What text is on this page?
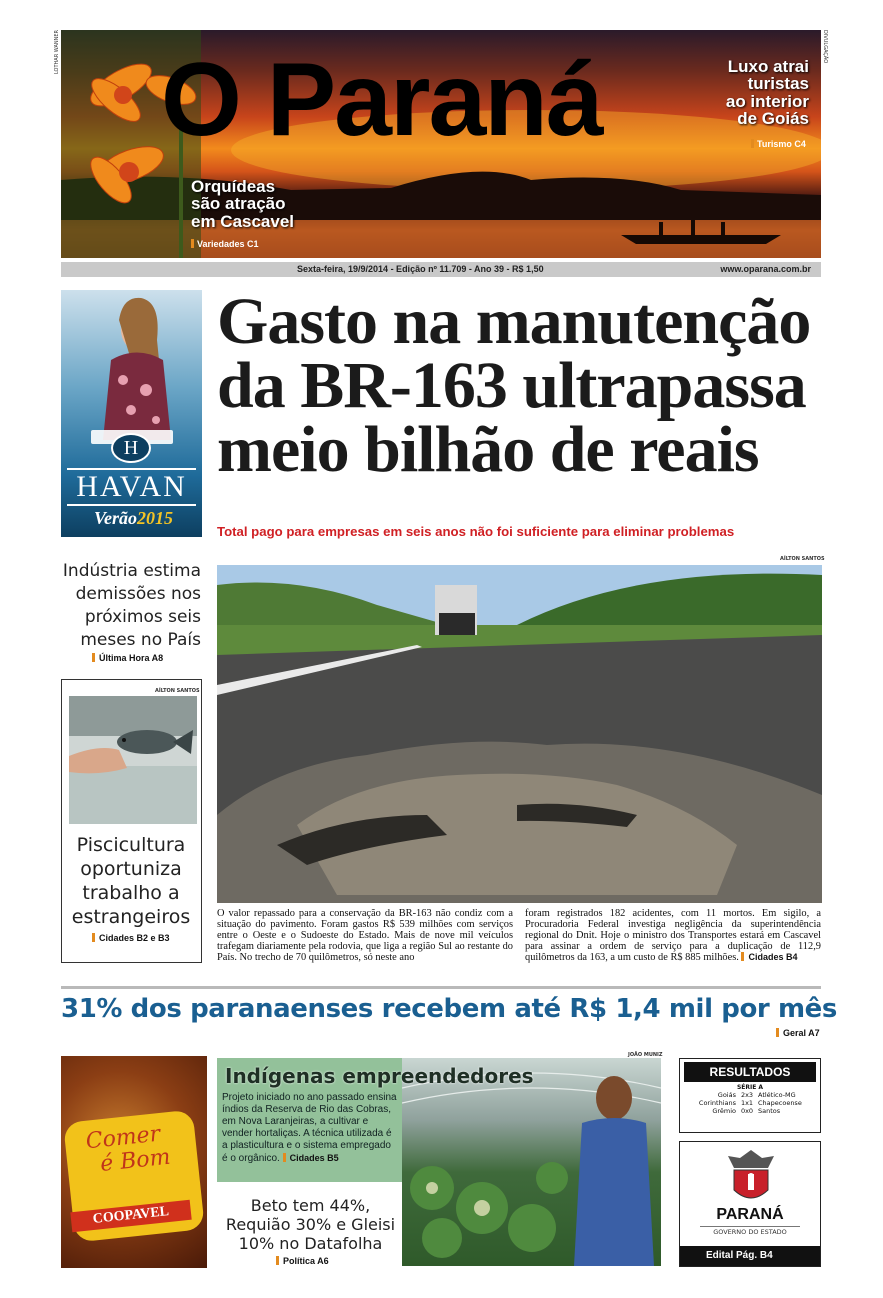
LOTHAR WANNER	DIVULGAÇÃO
O Paraná
Orquídeas
são atração
em Cascavel
Variedades C1
Luxo atrai
turistas
ao interior
de Goiás
Turismo C4
Sexta-feira, 19/9/2014 - Edição nº 11.709 - Ano 39 - R$ 1,50	www.oparana.com.br
H
HAVAN
Verão2015
Gasto na manutenção
da BR-163 ultrapassa
meio bilhão de reais
Total pago para empresas em seis anos não foi suficiente para eliminar problemas
Indústria estima
demissões nos
próximos seis
meses no País
Última Hora A8
AÍLTON SANTOS
Piscicultura
oportuniza
trabalho a
estrangeiros
Cidades B2 e B3
AÍLTON SANTOS
O valor repassado para a conservação da BR-163 não condiz com a situação do pavimento. Foram gastos R$ 539 milhões com serviços entre o Oeste e o Sudoeste do Estado. Mais de nove mil veículos trafegam diariamente pela rodovia, que liga a região Sul ao restante do País. No trecho de 70 quilômetros, só neste ano
foram registrados 182 acidentes, com 11 mortos. Em sigilo, a Procuradoria Federal investiga negligência da superintendência regional do Dnit. Hoje o ministro dos Transportes estará em Cascavel para assinar a ordem de serviço para a duplicação de 112,9 quilômetros da 163, a um custo de R$ 885 milhões. Cidades B4
31% dos paranaenses recebem até R$ 1,4 mil por mês
Geral A7
Comer
é Bom
COOPAVEL
Indígenas empreendedores
JOÃO MUNIZ
Projeto iniciado no ano passado ensina índios da Reserva de Rio das Cobras, em Nova Laranjeiras, a cultivar e vender hortaliças. A técnica utilizada é a plasticultura e o sistema empregado é o orgânico. Cidades B5
Beto tem 44%,
Requião 30% e Gleisi
10% no Datafolha
Política A6
RESULTADOS
SÉRIE A
Goiás 2x3 Atlético-MG
Corinthians 1x1 Chapecoense
Grêmio 0x0 Santos
PARANÁ
GOVERNO DO ESTADO
Edital Pág. B4
